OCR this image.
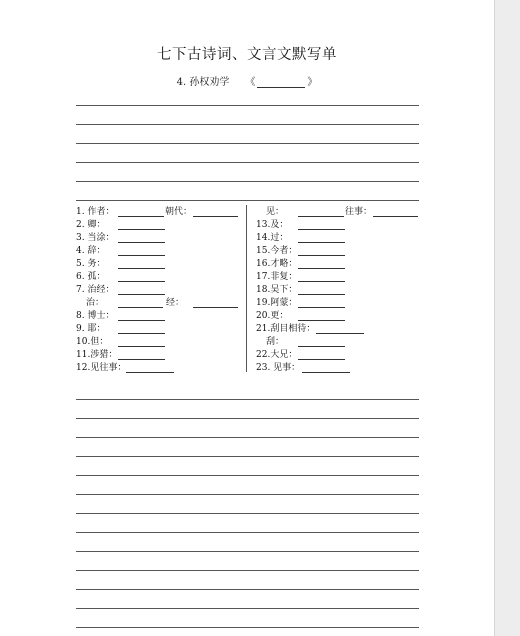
七下古诗词、文言文默写单
4. 孙权劝学 《	》
1. 作者：	朝代：
2. 卿：
3. 当涂：
4. 辞：
5. 务：
6. 孤：
7. 治经：
治：	经：
8. 博士：
9. 耶：
10.但：
11.涉猎：
12.见往事：
见：	往事：
13.及：
14.过：
15.今者：
16.才略：
17.非复：
18.吴下：
19.阿蒙：
20.更：
21.刮目相待：
刮：
22.大兄：
23. 见事：
